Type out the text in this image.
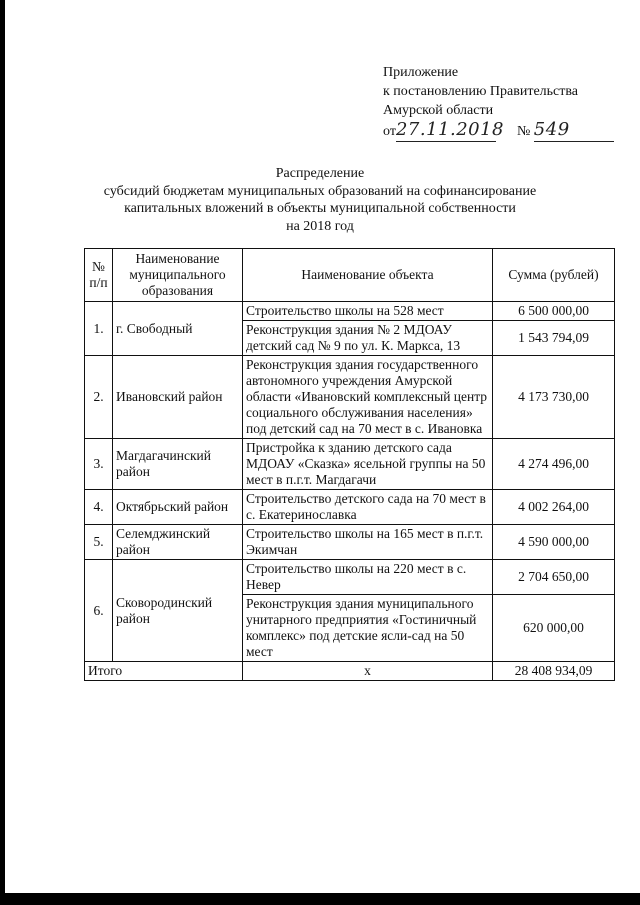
Приложение
к постановлению Правительства
Амурской области
от27.11.2018 № 549
Распределение
субсидий бюджетам муниципальных образований на софинансирование
капитальных вложений в объекты муниципальной собственности
на 2018 год
№ п/п	Наименование муниципального образования	Наименование объекта	Сумма (рублей)
1.	г. Свободный	Строительство школы на 528 мест	6 500 000,00
		Реконструкция здания № 2 МДОАУ детский сад № 9 по ул. К. Маркса, 13	1 543 794,09
2.	Ивановский район	Реконструкция здания государственного автономного учреждения Амурской области «Ивановский комплексный центр социального обслуживания населения» под детский сад на 70 мест в с. Ивановка	4 173 730,00
3.	Магдагачинский район	Пристройка к зданию детского сада МДОАУ «Сказка» ясельной группы на 50 мест в п.г.т. Магдагачи	4 274 496,00
4.	Октябрьский район	Строительство детского сада на 70 мест в с. Екатеринославка	4 002 264,00
5.	Селемджинский район	Строительство школы на 165 мест в п.г.т. Экимчан	4 590 000,00
6.	Сковородинский район	Строительство школы на 220 мест в с. Невер	2 704 650,00
		Реконструкция здания муниципального унитарного предприятия «Гостиничный комплекс» под детские ясли-сад на 50 мест	620 000,00
Итого		х	28 408 934,09
